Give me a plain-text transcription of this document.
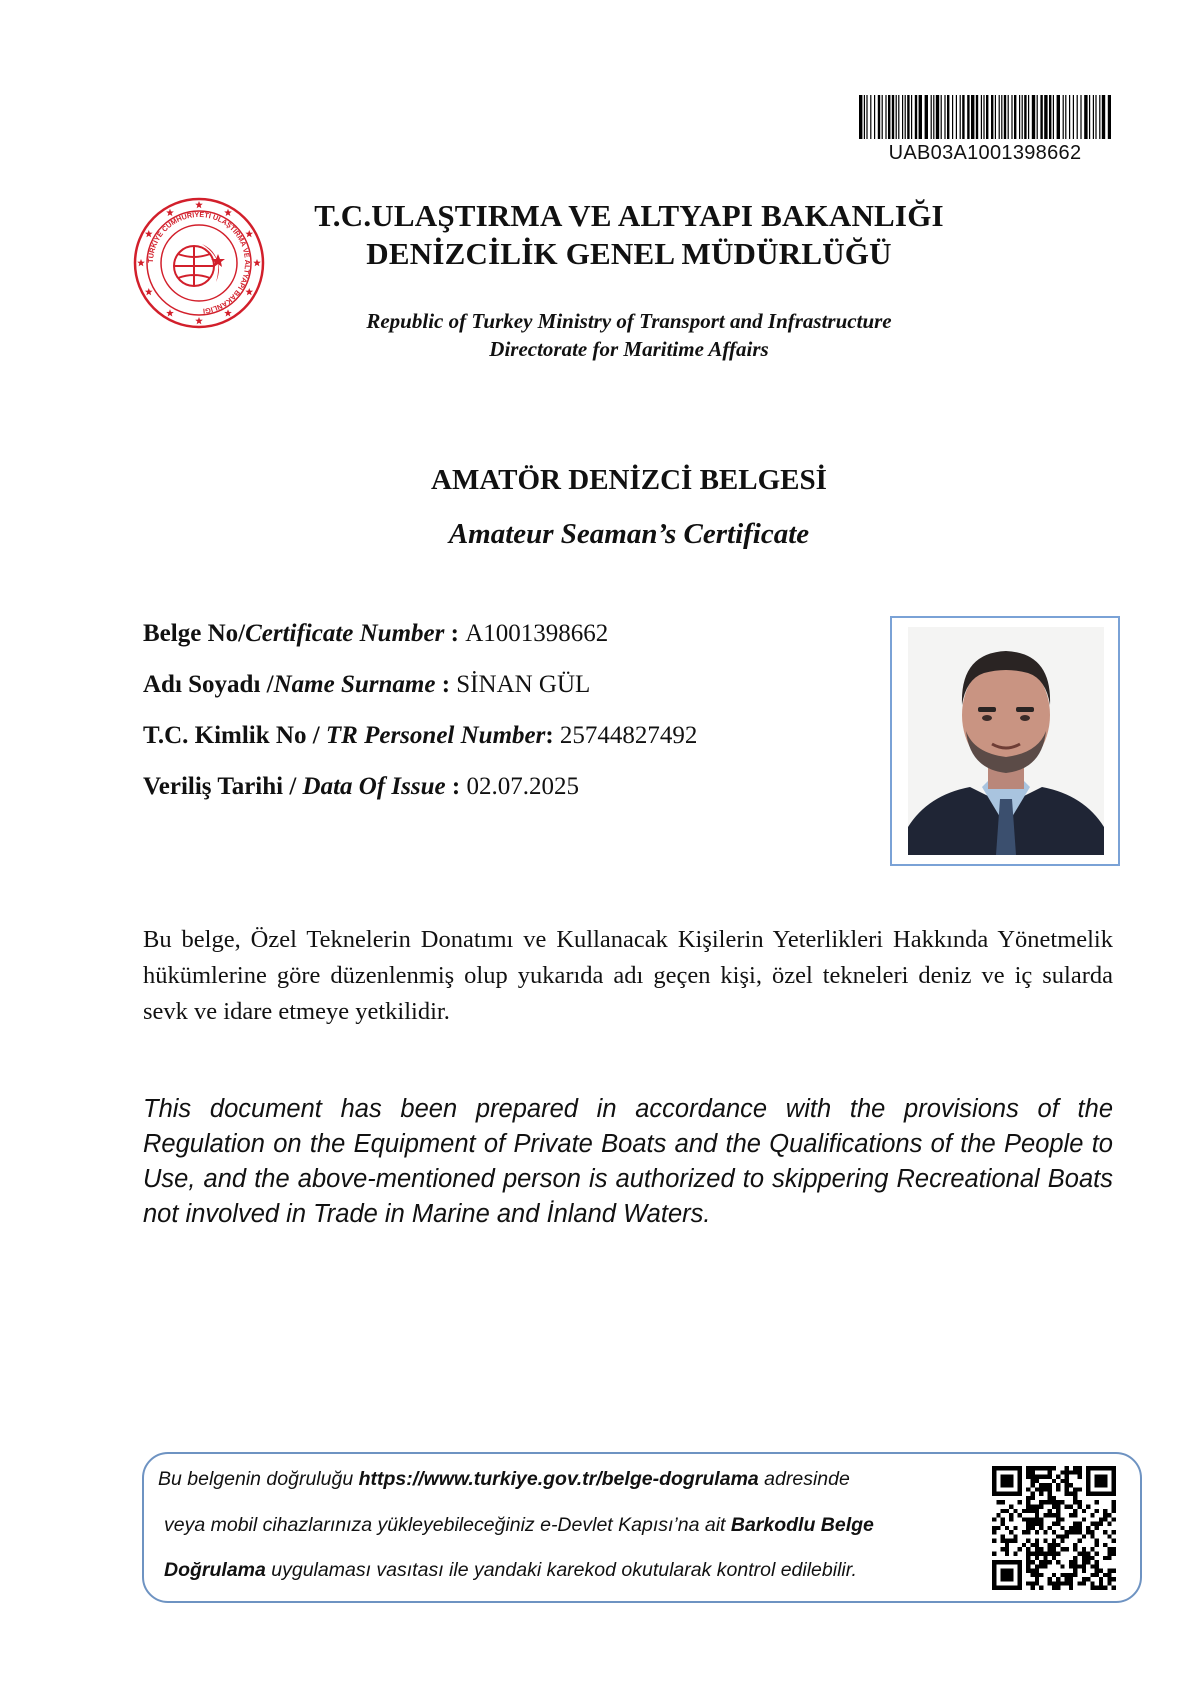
UAB03A1001398662
TÜRKİYE CUMHURİYETİ ULAŞTIRMA VE ALTYAPI BAKANLIĞI
T.C.ULAŞTIRMA VE ALTYAPI BAKANLIĞI
DENİZCİLİK GENEL MÜDÜRLÜĞÜ
Republic of Turkey Ministry of Transport and Infrastructure
Directorate for Maritime Affairs
AMATÖR DENİZCİ BELGESİ
Amateur Seaman’s Certificate
Belge No/Certificate Number : A1001398662
Adı Soyadı /Name Surname : SİNAN GÜL
T.C. Kimlik No / TR Personel Number: 25744827492
Veriliş Tarihi / Data Of Issue : 02.07.2025
Bu belge, Özel Teknelerin Donatımı ve Kullanacak Kişilerin Yeterlikleri Hakkında Yönetmelik hükümlerine göre düzenlenmiş olup yukarıda adı geçen kişi, özel tekneleri deniz ve iç sularda sevk ve idare etmeye yetkilidir.
This document has been prepared in accordance with the provisions of the Regulation on the Equipment of Private Boats and the Qualifications of the People to Use, and the above-mentioned person is authorized to skippering Recreational Boats not involved in Trade in Marine and İnland Waters.
Bu belgenin doğruluğu https://www.turkiye.gov.tr/belge-dogrulama adresinde
veya mobil cihazlarınıza yükleyebileceğiniz e-Devlet Kapısı’na ait Barkodlu Belge
Doğrulama uygulaması vasıtası ile yandaki karekod okutularak kontrol edilebilir.
